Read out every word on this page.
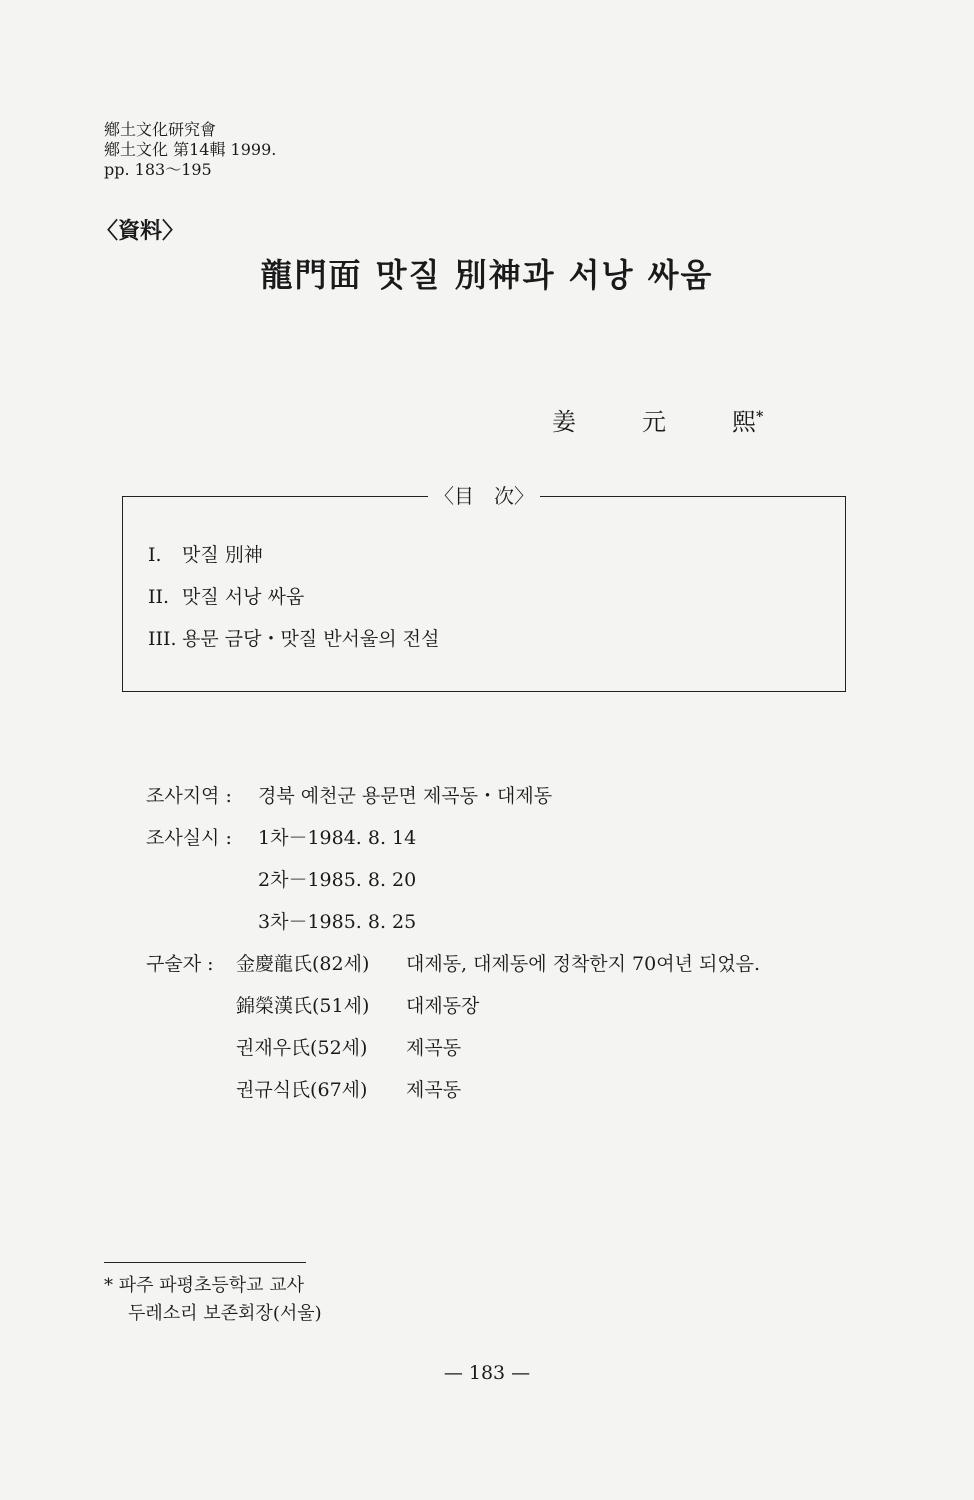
鄕土文化研究會
鄕土文化 第14輯 1999.
pp. 183～195
〈資料〉
龍門面 맛질 別神과 서낭 싸움
姜	元	熙*
〈目　次〉
I. 맛질 別神
II. 맛질 서낭 싸움
III. 용문 금당・맛질 반서울의 전설
조사지역 : 경북 예천군 용문면 제곡동・대제동
조사실시 : 1차－1984. 8. 14
2차－1985. 8. 20
3차－1985. 8. 25
구술자 : 金慶龍氏(82세) 대제동, 대제동에 정착한지 70여년 되었음.
錦榮漢氏(51세) 대제동장
권재우氏(52세) 제곡동
권규식氏(67세) 제곡동
* 파주 파평초등학교 교사
두레소리 보존회장(서울)
— 183 —
